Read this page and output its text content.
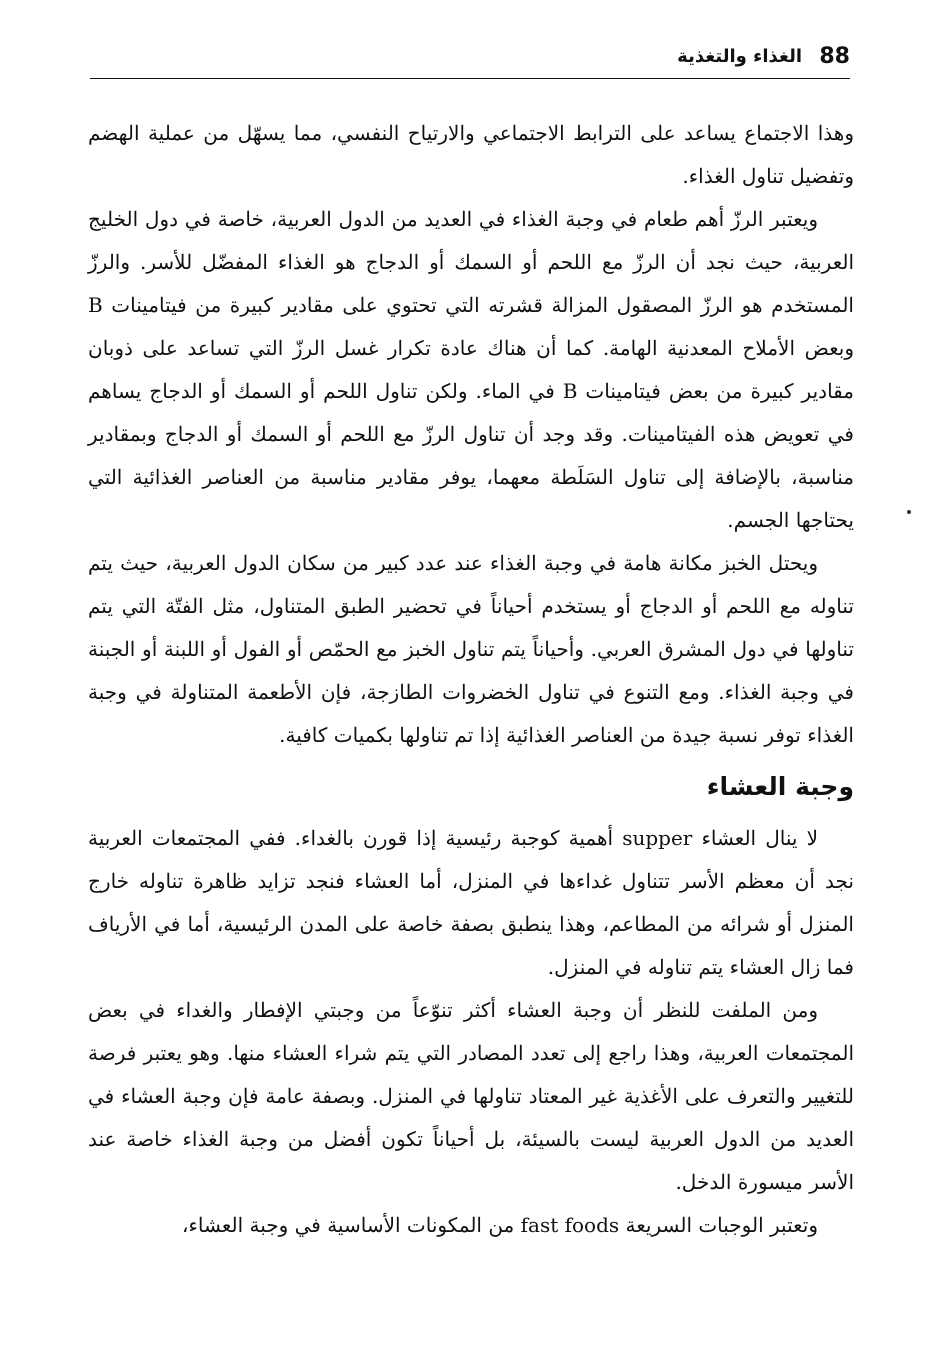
88
الغذاء والتغذية

وهذا الاجتماع يساعد على الترابط الاجتماعي والارتياح النفسي، مما يسهّل من عملية الهضم وتفضيل تناول الغذاء.

ويعتبر الرزّ أهم طعام في وجبة الغذاء في العديد من الدول العربية، خاصة في دول الخليج العربية، حيث نجد أن الرزّ مع اللحم أو السمك أو الدجاج هو الغذاء المفضّل للأسر. والرزّ المستخدم هو الرزّ المصقول المزالة قشرته التي تحتوي على مقادير كبيرة من فيتامينات B وبعض الأملاح المعدنية الهامة. كما أن هناك عادة تكرار غسل الرزّ التي تساعد على ذوبان مقادير كبيرة من بعض فيتامينات B في الماء. ولكن تناول اللحم أو السمك أو الدجاج يساهم في تعويض هذه الفيتامينات. وقد وجد أن تناول الرزّ مع اللحم أو السمك أو الدجاج وبمقادير مناسبة، بالإضافة إلى تناول السَلَطة معهما، يوفر مقادير مناسبة من العناصر الغذائية التي يحتاجها الجسم.

ويحتل الخبز مكانة هامة في وجبة الغذاء عند عدد كبير من سكان الدول العربية، حيث يتم تناوله مع اللحم أو الدجاج أو يستخدم أحياناً في تحضير الطبق المتناول، مثل الفتّة التي يتم تناولها في دول المشرق العربي. وأحياناً يتم تناول الخبز مع الحمّص أو الفول أو اللبنة أو الجبنة في وجبة الغذاء. ومع التنوع في تناول الخضروات الطازجة، فإن الأطعمة المتناولة في وجبة الغذاء توفر نسبة جيدة من العناصر الغذائية إذا تم تناولها بكميات كافية.

وجبة العشاء

لا ينال العشاء supper أهمية كوجبة رئيسية إذا قورن بالغداء. ففي المجتمعات العربية نجد أن معظم الأسر تتناول غداءها في المنزل، أما العشاء فنجد تزايد ظاهرة تناوله خارج المنزل أو شرائه من المطاعم، وهذا ينطبق بصفة خاصة على المدن الرئيسية، أما في الأرياف فما زال العشاء يتم تناوله في المنزل.

ومن الملفت للنظر أن وجبة العشاء أكثر تنوّعاً من وجبتي الإفطار والغداء في بعض المجتمعات العربية، وهذا راجع إلى تعدد المصادر التي يتم شراء العشاء منها. وهو يعتبر فرصة للتغيير والتعرف على الأغذية غير المعتاد تناولها في المنزل. وبصفة عامة فإن وجبة العشاء في العديد من الدول العربية ليست بالسيئة، بل أحياناً تكون أفضل من وجبة الغذاء خاصة عند الأسر ميسورة الدخل.

وتعتبر الوجبات السريعة fast foods من المكونات الأساسية في وجبة العشاء،
